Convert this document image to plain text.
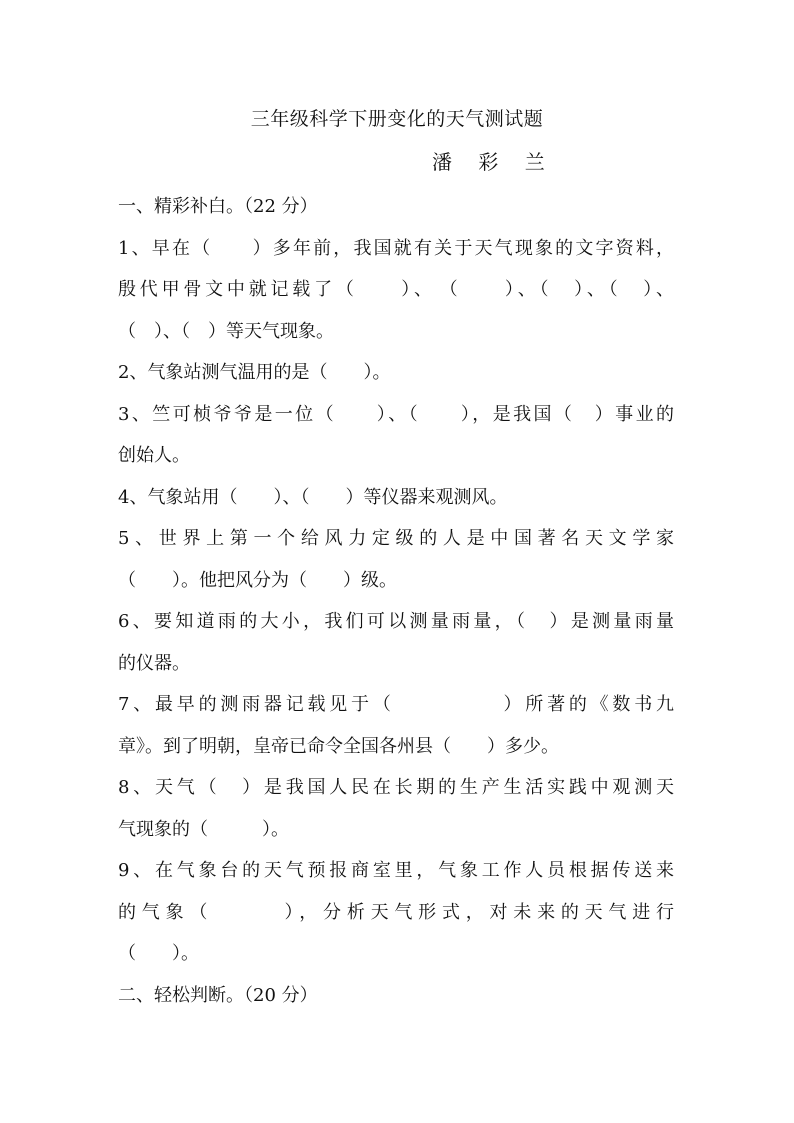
三年级科学下册变化的天气测试题
潘 彩 兰
一、精彩补白。（22 分）
1、早在（　　）多年前，我国就有关于天气现象的文字资料，
殷代甲骨文中就记载了（　　）、　（　　）、（　）、（　）、
（　）、（　）等天气现象。
2、气象站测气温用的是（　　）。
3、竺可桢爷爷是一位（　　）、（　　），是我国（　）事业的
创始人。
4、气象站用（　　）、（　　）等仪器来观测风。
5、世界上第一个给风力定级的人是中国著名天文学家
（　　）。他把风分为（　　）级。
6、要知道雨的大小，我们可以测量雨量，（　）是测量雨量
的仪器。
7、最早的测雨器记载见于（　　　　　）所著的《数书九
章》。到了明朝，皇帝已命令全国各州县（　　）多少。
8、天气（　）是我国人民在长期的生产生活实践中观测天
气现象的（　　　）。
9、在气象台的天气预报商室里，气象工作人员根据传送来
的气象（　　　），分析天气形式，对未来的天气进行
（　　）。
二、轻松判断。（20 分）
